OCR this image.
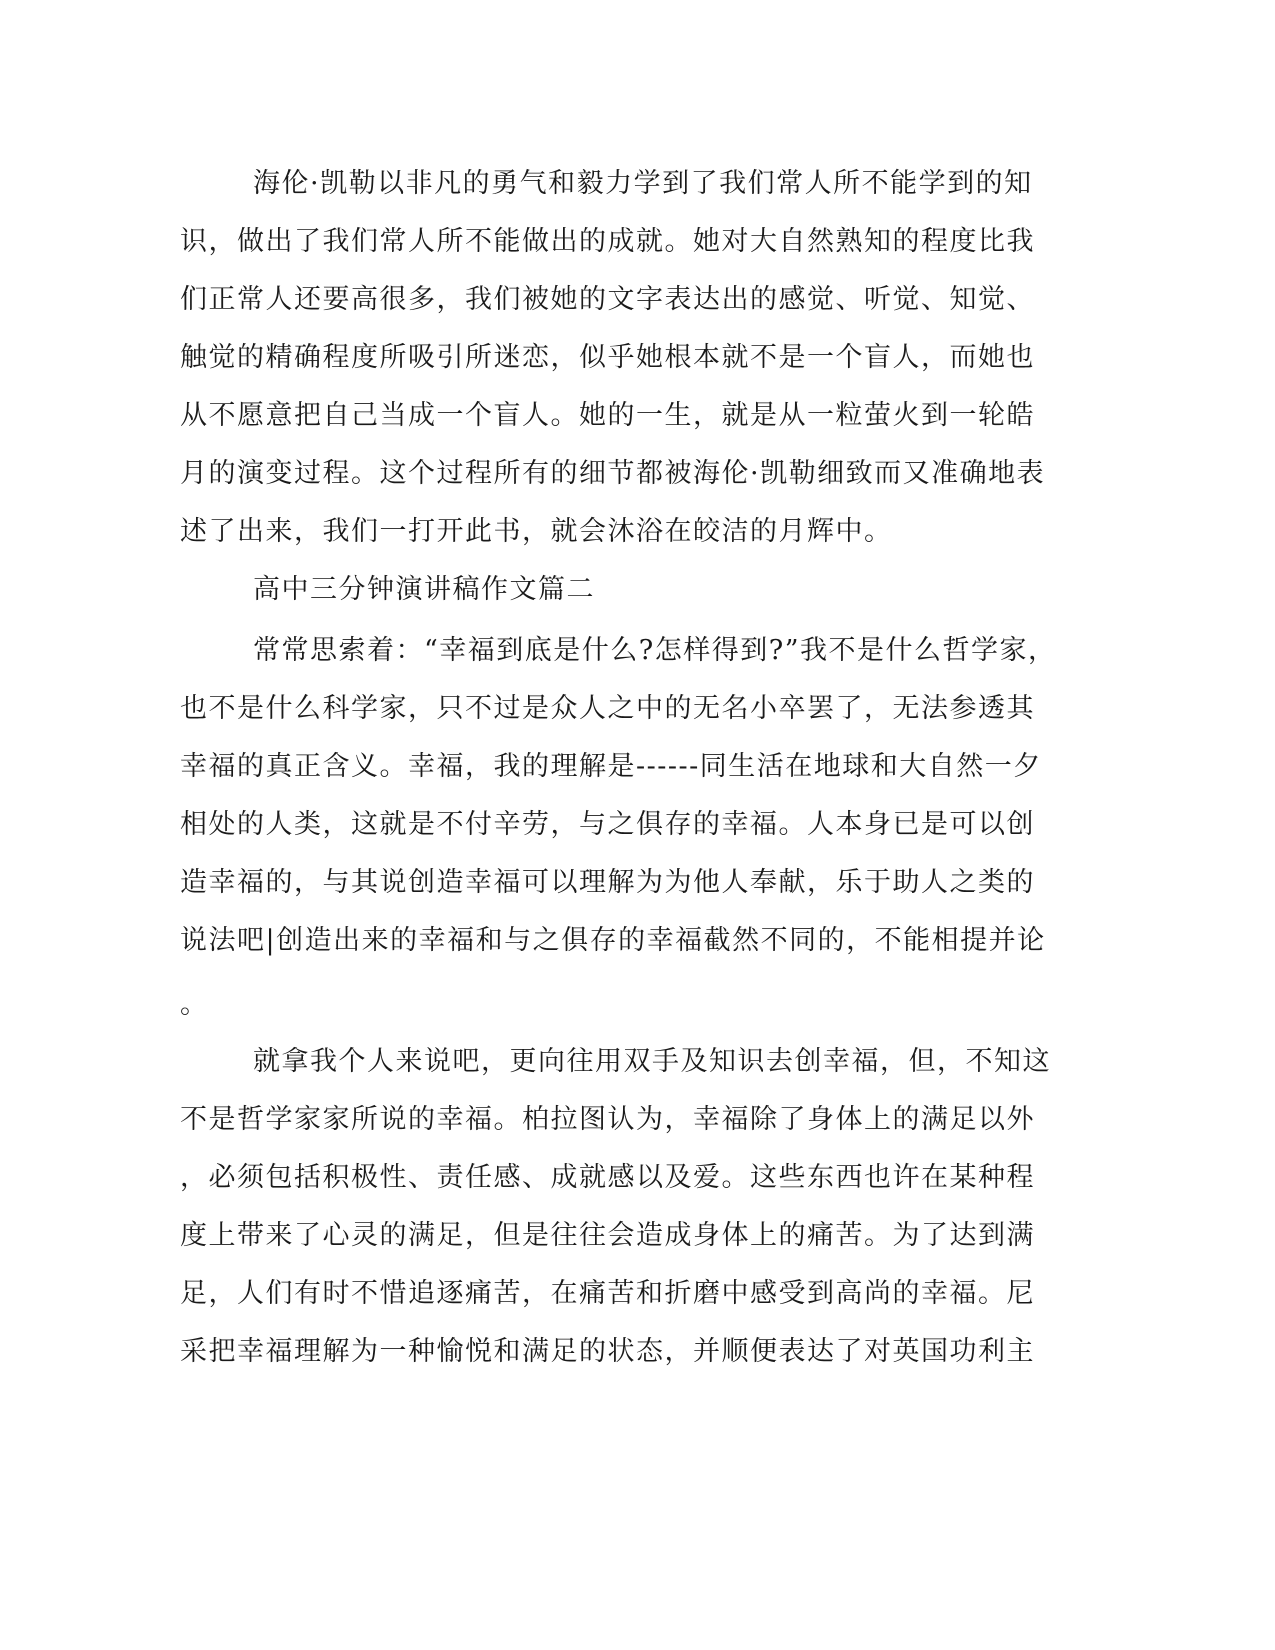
海伦·凯勒以非凡的勇气和毅力学到了我们常人所不能学到的知
识，做出了我们常人所不能做出的成就。她对大自然熟知的程度比我
们正常人还要高很多，我们被她的文字表达出的感觉、听觉、知觉、
触觉的精确程度所吸引所迷恋，似乎她根本就不是一个盲人，而她也
从不愿意把自己当成一个盲人。她的一生，就是从一粒萤火到一轮皓
月的演变过程。这个过程所有的细节都被海伦·凯勒细致而又准确地表
述了出来，我们一打开此书，就会沐浴在皎洁的月辉中。
高中三分钟演讲稿作文篇二
常常思索着：“幸福到底是什么?怎样得到?”我不是什么哲学家，
也不是什么科学家，只不过是众人之中的无名小卒罢了，无法参透其
幸福的真正含义。幸福，我的理解是------同生活在地球和大自然一夕
相处的人类，这就是不付辛劳，与之俱存的幸福。人本身已是可以创
造幸福的，与其说创造幸福可以理解为为他人奉献，乐于助人之类的
说法吧|创造出来的幸福和与之俱存的幸福截然不同的，不能相提并论
。
就拿我个人来说吧，更向往用双手及知识去创幸福，但，不知这
不是哲学家家所说的幸福。柏拉图认为，幸福除了身体上的满足以外
，必须包括积极性、责任感、成就感以及爱。这些东西也许在某种程
度上带来了心灵的满足，但是往往会造成身体上的痛苦。为了达到满
足，人们有时不惜追逐痛苦，在痛苦和折磨中感受到高尚的幸福。尼
采把幸福理解为一种愉悦和满足的状态，并顺便表达了对英国功利主
